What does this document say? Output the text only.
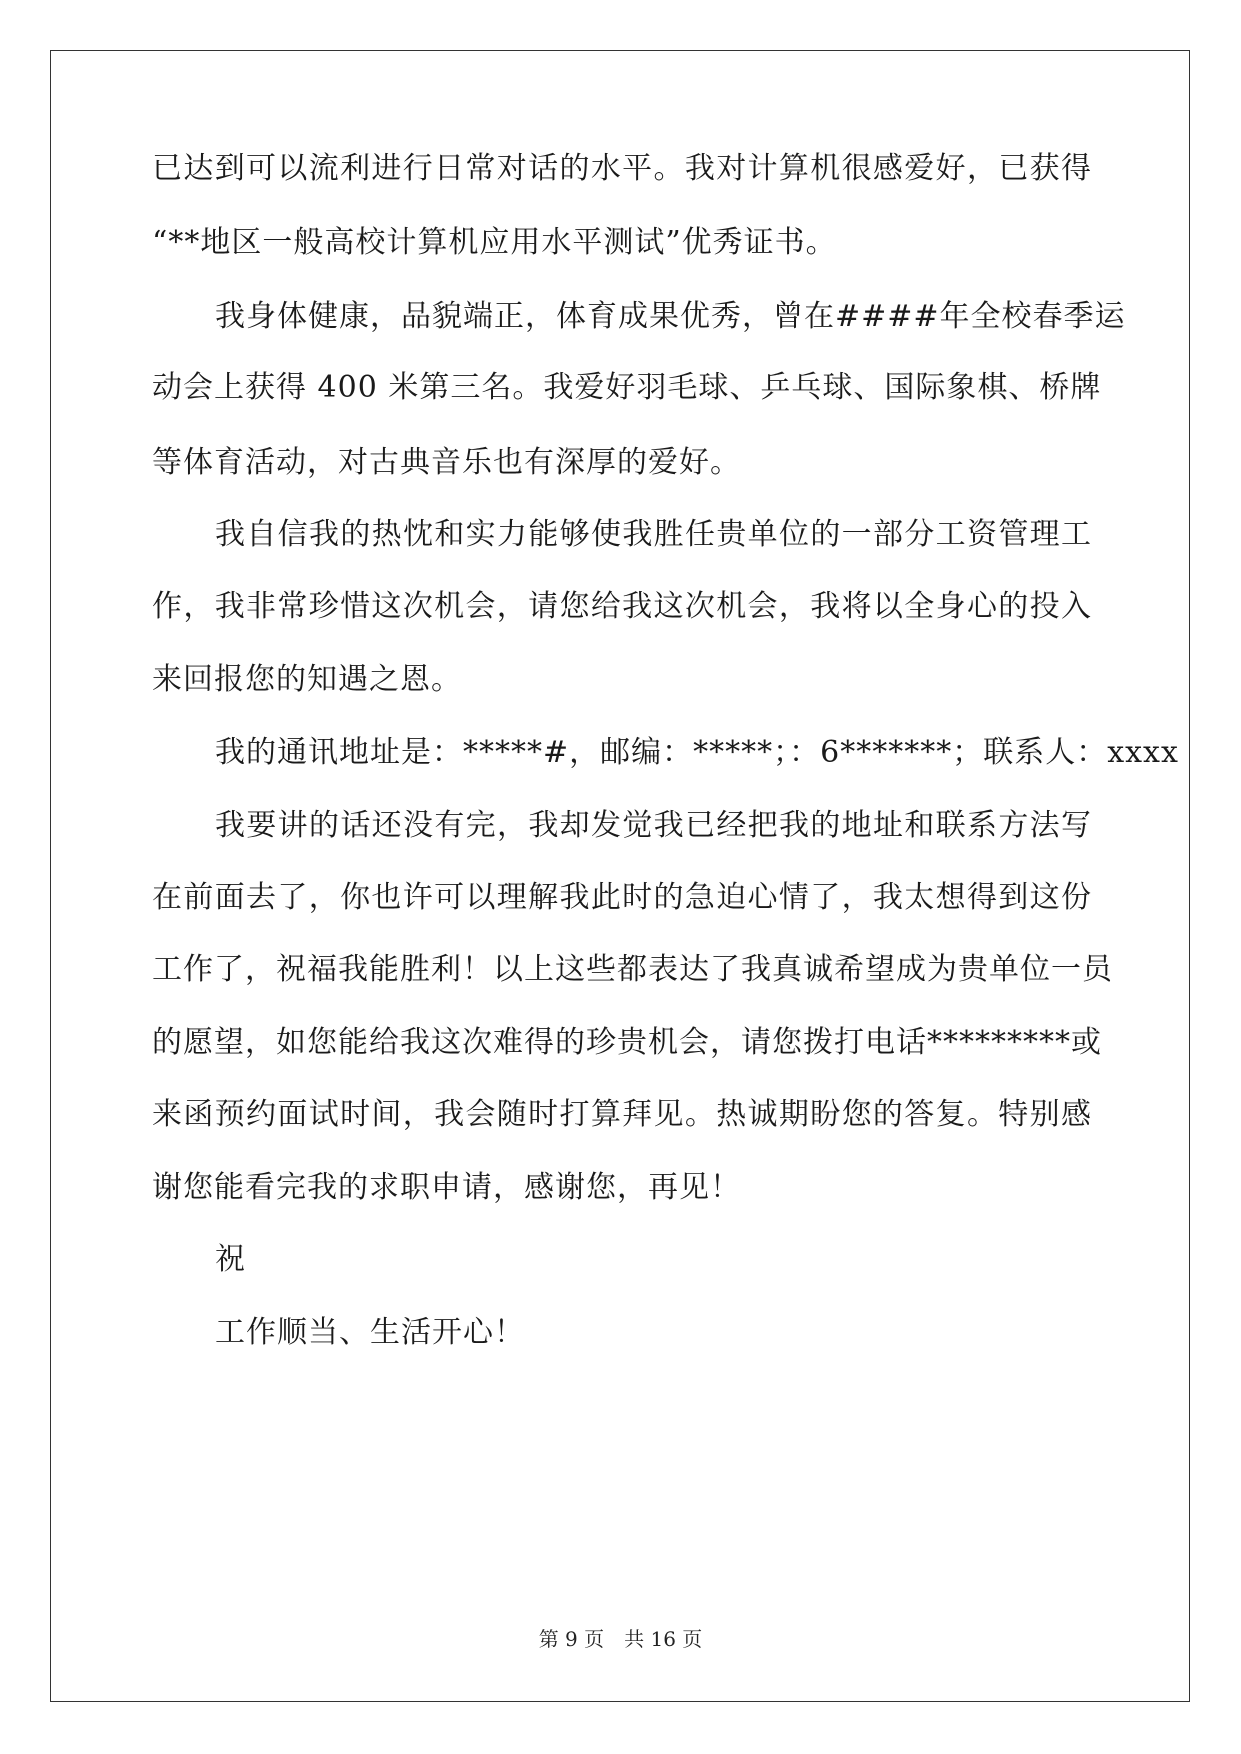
已达到可以流利进行日常对话的水平。我对计算机很感爱好，已获得
“**地区一般高校计算机应用水平测试”优秀证书。
我身体健康，品貌端正，体育成果优秀，曾在####年全校春季运
动会上获得 400 米第三名。我爱好羽毛球、乒乓球、国际象棋、桥牌
等体育活动，对古典音乐也有深厚的爱好。
我自信我的热忱和实力能够使我胜任贵单位的一部分工资管理工
作，我非常珍惜这次机会，请您给我这次机会，我将以全身心的投入
来回报您的知遇之恩。
我的通讯地址是：*****#，邮编：*****；：6*******；联系人：xxxx
我要讲的话还没有完，我却发觉我已经把我的地址和联系方法写
在前面去了，你也许可以理解我此时的急迫心情了，我太想得到这份
工作了，祝福我能胜利！以上这些都表达了我真诚希望成为贵单位一员
的愿望，如您能给我这次难得的珍贵机会，请您拨打电话*********或
来函预约面试时间，我会随时打算拜见。热诚期盼您的答复。特别感
谢您能看完我的求职申请，感谢您，再见！
祝
工作顺当、生活开心！
第 9 页　共 16 页
